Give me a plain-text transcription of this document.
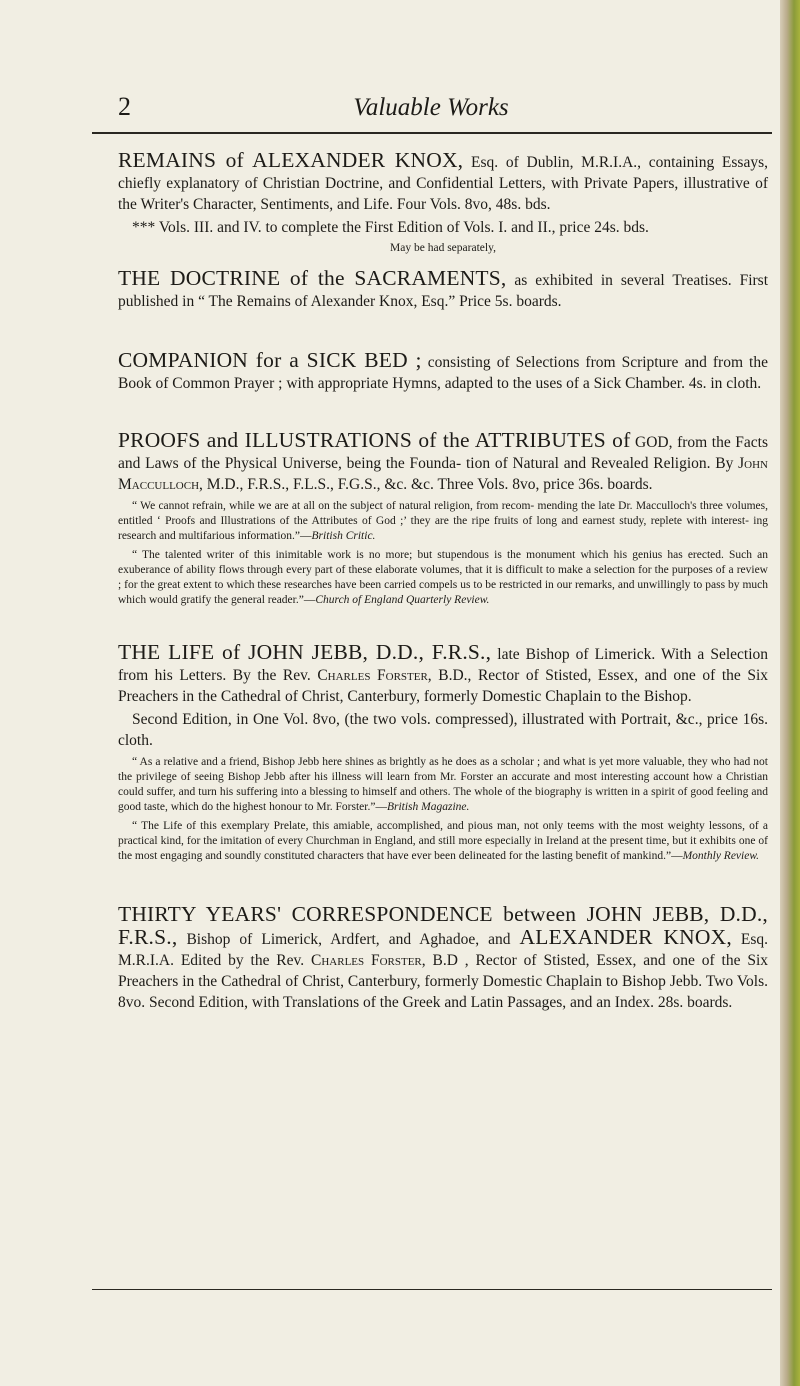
2	Valuable Works

REMAINS of ALEXANDER KNOX, Esq. of Dublin, M.R.I.A., containing Essays, chiefly explanatory of Christian Doctrine, and Confidential Letters, with Private Papers, illustrative of the Writer's Character, Sentiments, and Life. Four Vols. 8vo, 48s. bds.

*** Vols. III. and IV. to complete the First Edition of Vols. I. and II., price 24s. bds.

May be had separately,

THE DOCTRINE of the SACRAMENTS, as exhibited in several Treatises. First published in “ The Remains of Alexander Knox, Esq.” Price 5s. boards.

COMPANION for a SICK BED ; consisting of Selections from Scripture and from the Book of Common Prayer ; with appropriate Hymns, adapted to the uses of a Sick Chamber. 4s. in cloth.

PROOFS and ILLUSTRATIONS of the ATTRIBUTES of GOD, from the Facts and Laws of the Physical Universe, being the Founda- tion of Natural and Revealed Religion. By John Macculloch, M.D., F.R.S., F.L.S., F.G.S., &c. &c. Three Vols. 8vo, price 36s. boards.

“ We cannot refrain, while we are at all on the subject of natural religion, from recom- mending the late Dr. Macculloch's three volumes, entitled ‘ Proofs and Illustrations of the Attributes of God ;’ they are the ripe fruits of long and earnest study, replete with interest- ing research and multifarious information.”—British Critic.

“ The talented writer of this inimitable work is no more; but stupendous is the monument which his genius has erected. Such an exuberance of ability flows through every part of these elaborate volumes, that it is difficult to make a selection for the purposes of a review ; for the great extent to which these researches have been carried compels us to be restricted in our remarks, and unwillingly to pass by much which would gratify the general reader.”—Church of England Quarterly Review.

THE LIFE of JOHN JEBB, D.D., F.R.S., late Bishop of Limerick. With a Selection from his Letters. By the Rev. Charles Forster, B.D., Rector of Stisted, Essex, and one of the Six Preachers in the Cathedral of Christ, Canterbury, formerly Domestic Chaplain to the Bishop.

Second Edition, in One Vol. 8vo, (the two vols. compressed), illustrated with Portrait, &c., price 16s. cloth.

“ As a relative and a friend, Bishop Jebb here shines as brightly as he does as a scholar ; and what is yet more valuable, they who had not the privilege of seeing Bishop Jebb after his illness will learn from Mr. Forster an accurate and most interesting account how a Christian could suffer, and turn his suffering into a blessing to himself and others. The whole of the biography is written in a spirit of good feeling and good taste, which do the highest honour to Mr. Forster.”—British Magazine.

“ The Life of this exemplary Prelate, this amiable, accomplished, and pious man, not only teems with the most weighty lessons, of a practical kind, for the imitation of every Churchman in England, and still more especially in Ireland at the present time, but it exhibits one of the most engaging and soundly constituted characters that have ever been delineated for the lasting benefit of mankind.”—Monthly Review.

THIRTY YEARS' CORRESPONDENCE between JOHN JEBB, D.D., F.R.S., Bishop of Limerick, Ardfert, and Aghadoe, and ALEXANDER KNOX, Esq. M.R.I.A. Edited by the Rev. Charles Forster, B.D , Rector of Stisted, Essex, and one of the Six Preachers in the Cathedral of Christ, Canterbury, formerly Domestic Chaplain to Bishop Jebb. Two Vols. 8vo. Second Edition, with Translations of the Greek and Latin Passages, and an Index. 28s. boards.
